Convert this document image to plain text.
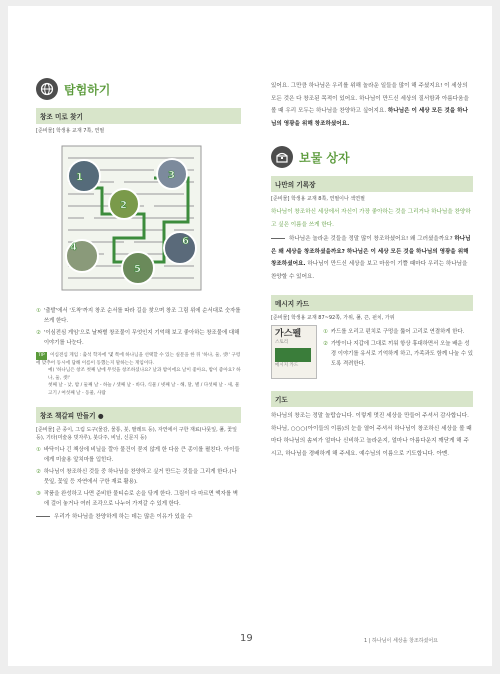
탐험하기
창조 미로 찾기
[준비물] 학생용 교재 7쪽, 연필
1
2
3
4
5
6
① '출발'에서 '도착'까지 창조 순서를 따라 길을 찾으며 창조 그림 위에 순서대로 숫자를 쓰게 한다.
② '이심전심 게임'으로 날짜별 창조물이 무엇인지 기억해 보고 좋아하는 창조물에 대해 이야기를 나눈다.
TIP 이심전심 게임 : 출석 학자에 '몇 쪽에 하나님을 선택할 수 있는 실문을 한 뒤 '하나, 둘, 셋!' 구령에 맞추어 동시에 답해 이름이 동했는지 말하는는 게임이다.

예) '하나님은 창조 첫째 날에 무엇을 창조하셨나요? 날과 밤이에요 날이 좋아요, 밤이 좋아요? 하나, 둘, 셋!'

첫째 날 - 낮, 밤 / 둘째 날 - 하늘 / 셋째 날 - 바다, 식물 / 넷째 날 - 해, 달, 별 / 다섯째 날 - 새, 물고기 / 여섯째 날 - 동물, 사람

창조 책갈피 만들기 ●
[준비물] 큰 종이, 그림 도구(물감, 물통, 붓, 팔레트 등), 자연에서 구한 재료(나뭇잎, 풀, 꽃잎 등), 기타(미술용 빗자루), 붓다주, 비닐, 신문지 등)
① 바닥이나 긴 책상에 비닐을 깔아 물건이 묻지 않게 한 다음 큰 종이를 펼친다. 아이들에게 미술용 앞치마를 입힌다.
② 하나님이 창조하신 것들 중 하나님을 찬양하고 싶거 만드는 것들을 그리게 한다.(나뭇잎, 꽃잎 등 자연에서 구한 재료 활용).
③ 작품을 완성하고 나면 준비한 물티슈로 손을 닦게 한다. 그림이 다 마르면 액자를 벽에 걸어 놓거나 여러 조각으로 나누어 가져갈 수 있게 한다.
우리가 하나님을 찬양하게 하는 데는 많은 이유가 있을 수
있어요. 그만큼 하나님은 우리를 위해 놀라운 일들을 많이 해 주셨지요! 이 세상의 모든 것은 다 창조된 목적이 있어요. 하나님이 만드신 세상의 질서함과 아름다움을 볼 때 우리 모두는 하나님을 찬양하고 싶어지요. 하나님은 이 세상 모든 것을 하나님의 영광을 위해 창조하셨어요.
보물 상자
나만의 기록장
[준비물] 학생용 교재 8쪽, 연필이나 색연필
하나님이 창조하신 세상에서 자신이 가장 좋아하는 것을 그리거나 하나님을 찬양하고 싶은 이름을 쓰게 한다.
하나님은 놀라운 것들을 정말 많이 창조하셨어요! 왜 그러셨을까요? 하나님은 왜 세상을 창조하셨을까요? 하나님은 이 세상 모든 것을 하나님의 영광을 위해 창조하셨어요. 하나님이 만드신 세상을 보고 마음이 기쁠 때마다 우리는 하나님을 찬양할 수 있어요.
메시지 카드
[준비물] 학생용 교재 87~92쪽, 가위, 풀, 끈, 펀치, 가위
가스펠
스토리
메시지 카드
① 카드를 오리고 펀치로 구멍을 뚫어 고리로 연결하게 한다.
② 가방이나 지갑에 그대로 끼워 항상 휴대하면서 오늘 배운 성경 이야기를 유서로 기억하게 하고, 가족과도 함께 나눌 수 있도록 격려한다.
기도
하나님의 창조는 정말 놀랍습니다. 이렇게 멋진 세상을 만들어 주셔서 감사합니다. 하나님, ○○○(아이들의 이름)의 눈을 열어 주셔서 하나님이 창조하신 세상을 볼 때마다 하나님의 솜씨가 얼마나 신비하고 놀라운지, 얼마나 아름다운지 깨닫게 해 주시고, 하나님을 경배하게 해 주세요. 예수님의 이름으로 기도합니다. 아멘.
19	1 | 하나님이 세상을 창조하셨어요
